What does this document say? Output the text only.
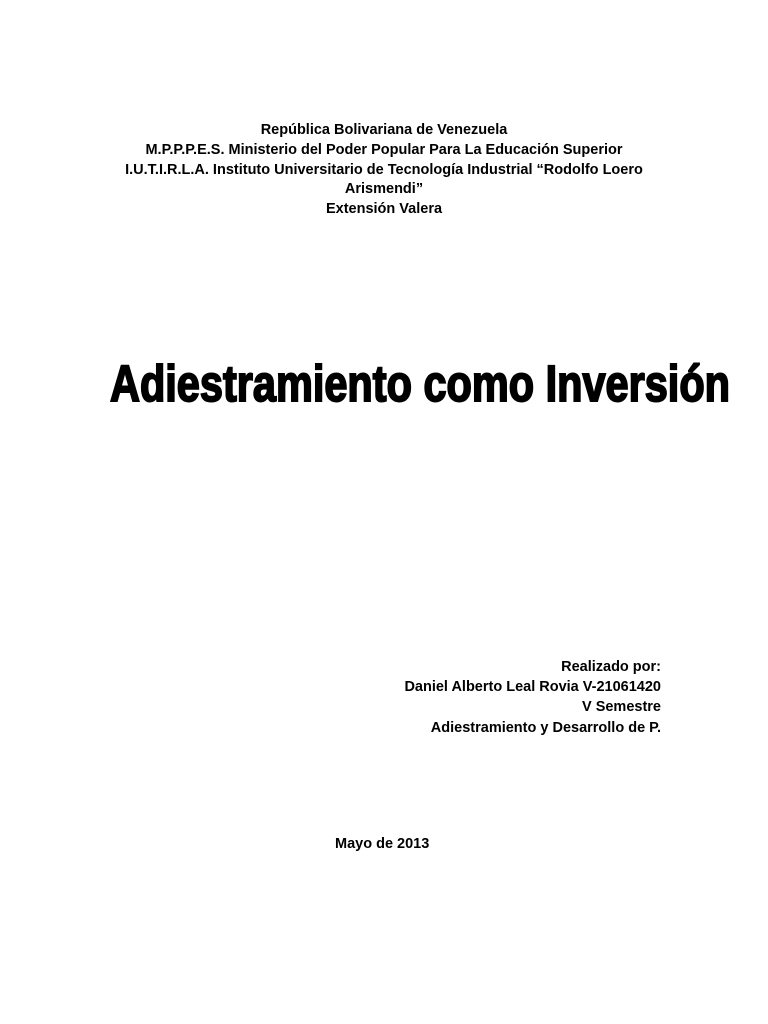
República Bolivariana de Venezuela
M.P.P.P.E.S. Ministerio del Poder Popular Para La Educación Superior
I.U.T.I.R.L.A. Instituto Universitario de Tecnología Industrial “Rodolfo Loero
Arismendi”
Extensión Valera
Adiestramiento como Inversión
Realizado por:
Daniel Alberto Leal Rovia V-21061420
V Semestre
Adiestramiento y Desarrollo de P.
Mayo de 2013
